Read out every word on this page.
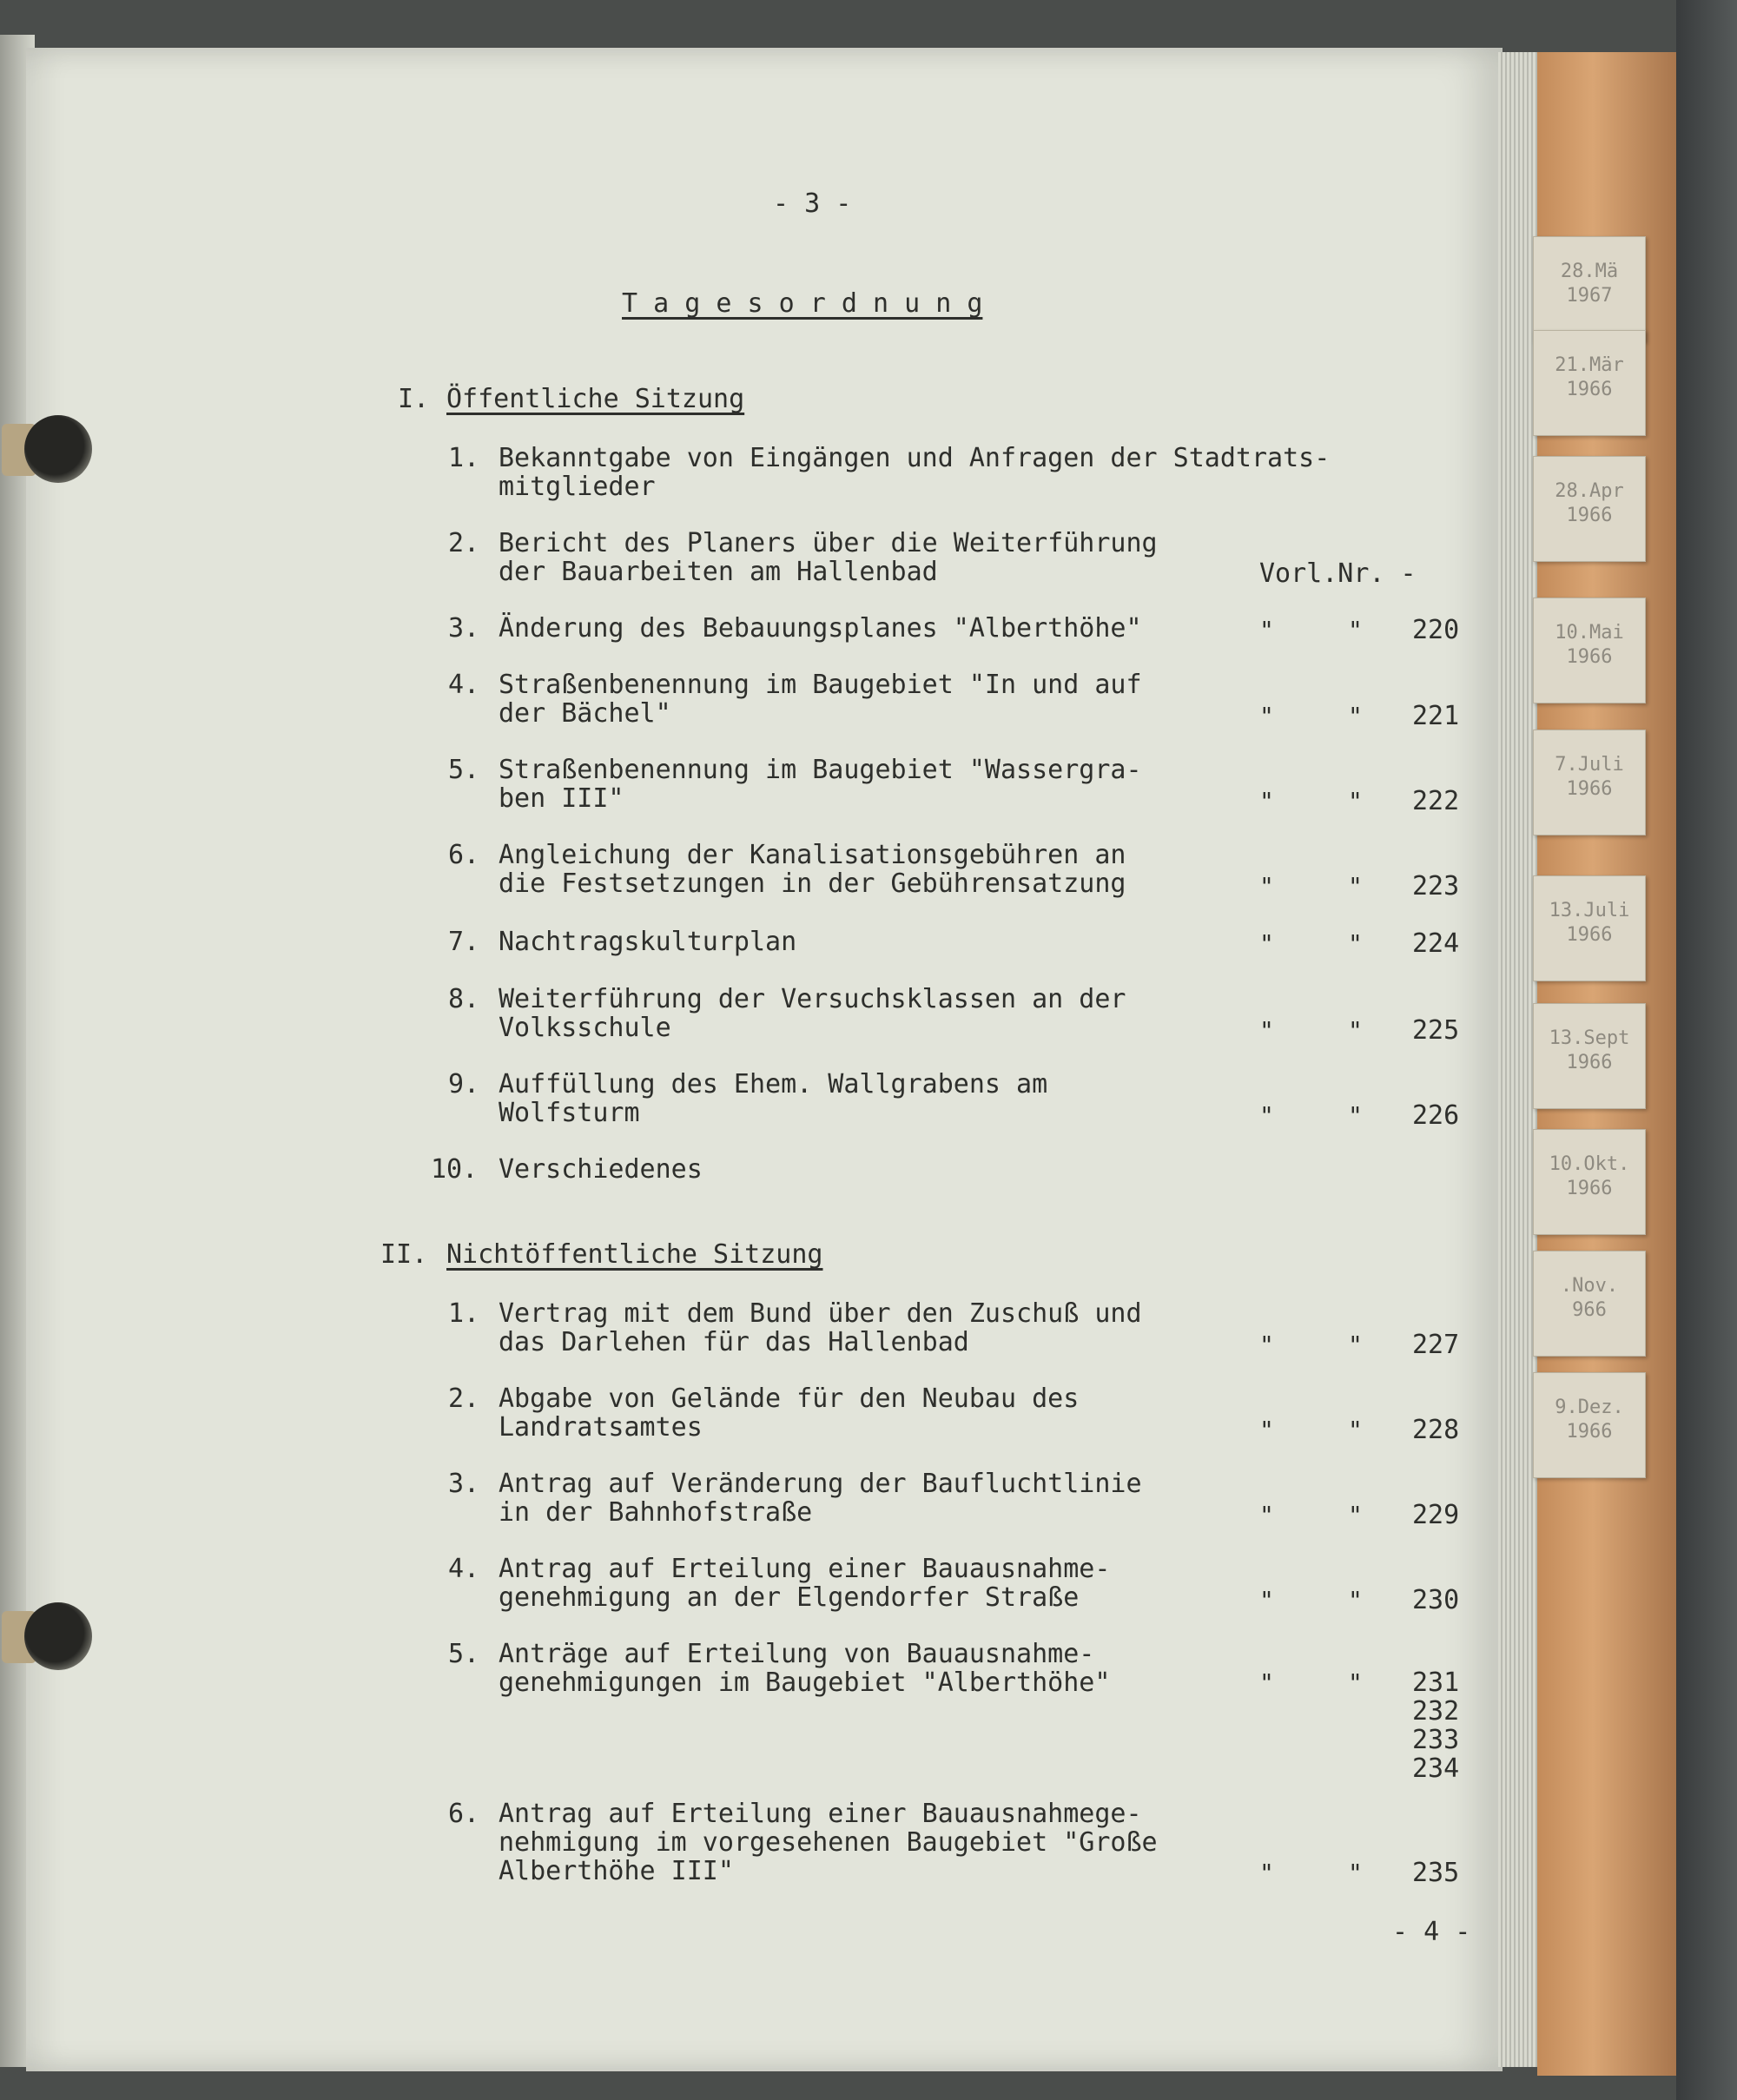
28.Mä
1967
21.Mär
1966
28.Apr
1966
10.Mai
1966
7.Juli
1966
13.Juli
1966
13.Sept
1966
10.Okt.
1966
.Nov.
966
9.Dez.
1966
- 3 -
T a g e s o r d n u n g
I. Öffentliche Sitzung
1. Bekanntgabe von Eingängen und Anfragen der Stadtrats-
mitglieder
2. Bericht des Planers über die Weiterführung
der Bauarbeiten am Hallenbad	Vorl.Nr. -
3. Änderung des Bebauungsplanes "Alberthöhe"	"	" 220
4. Straßenbenennung im Baugebiet "In und auf
der Bächel"	"	" 221
5. Straßenbenennung im Baugebiet "Wassergra-
ben III"	"	" 222
6. Angleichung der Kanalisationsgebühren an
die Festsetzungen in der Gebührensatzung	"	" 223
7. Nachtragskulturplan	"	" 224
8. Weiterführung der Versuchsklassen an der
Volksschule	"	" 225
9. Auffüllung des Ehem. Wallgrabens am
Wolfsturm	"	" 226
10. Verschiedenes
II. Nichtöffentliche Sitzung
1. Vertrag mit dem Bund über den Zuschuß und
das Darlehen für das Hallenbad	"	" 227
2. Abgabe von Gelände für den Neubau des
Landratsamtes	"	" 228
3. Antrag auf Veränderung der Baufluchtlinie
in der Bahnhofstraße	"	" 229
4. Antrag auf Erteilung einer Bauausnahme-
genehmigung an der Elgendorfer Straße	"	" 230
5. Anträge auf Erteilung von Bauausnahme-
genehmigungen im Baugebiet "Alberthöhe"	"	" 231
232
233
234
6. Antrag auf Erteilung einer Bauausnahmege-
nehmigung im vorgesehenen Baugebiet "Große
Alberthöhe III"	"	" 235
- 4 -
